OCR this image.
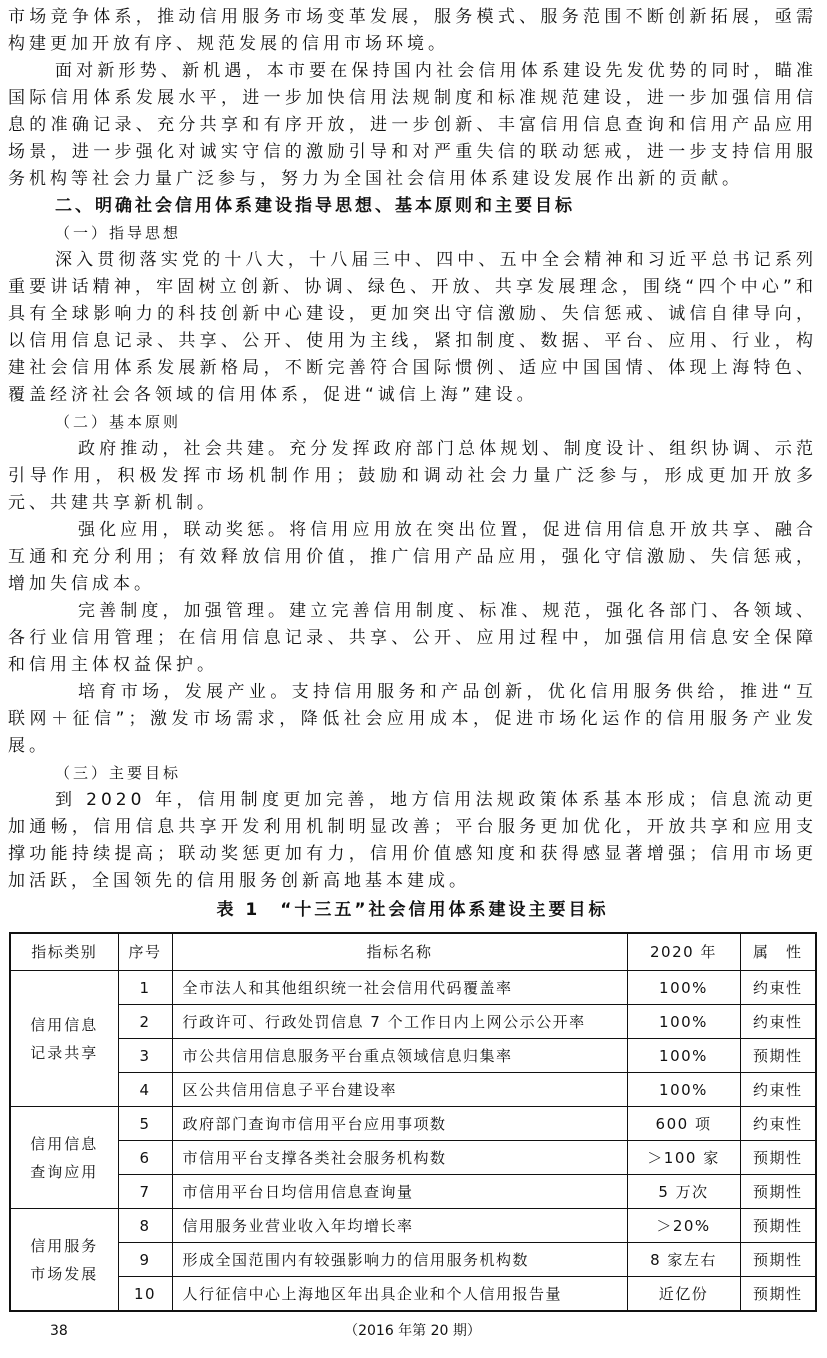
市场竞争体系，推动信用服务市场变革发展，服务模式、服务范围不断创新拓展，亟需构建更加开放有序、规范发展的信用市场环境。

面对新形势、新机遇，本市要在保持国内社会信用体系建设先发优势的同时，瞄准国际信用体系发展水平，进一步加快信用法规制度和标准规范建设，进一步加强信用信息的准确记录、充分共享和有序开放，进一步创新、丰富信用信息查询和信用产品应用场景，进一步强化对诚实守信的激励引导和对严重失信的联动惩戒，进一步支持信用服务机构等社会力量广泛参与，努力为全国社会信用体系建设发展作出新的贡献。

二、明确社会信用体系建设指导思想、基本原则和主要目标

（一）指导思想

深入贯彻落实党的十八大，十八届三中、四中、五中全会精神和习近平总书记系列重要讲话精神，牢固树立创新、协调、绿色、开放、共享发展理念，围绕“四个中心”和具有全球影响力的科技创新中心建设，更加突出守信激励、失信惩戒、诚信自律导向，以信用信息记录、共享、公开、使用为主线，紧扣制度、数据、平台、应用、行业，构建社会信用体系发展新格局，不断完善符合国际惯例、适应中国国情、体现上海特色、覆盖经济社会各领域的信用体系，促进“诚信上海”建设。

（二）基本原则

政府推动，社会共建。充分发挥政府部门总体规划、制度设计、组织协调、示范引导作用，积极发挥市场机制作用；鼓励和调动社会力量广泛参与，形成更加开放多元、共建共享新机制。

强化应用，联动奖惩。将信用应用放在突出位置，促进信用信息开放共享、融合互通和充分利用；有效释放信用价值，推广信用产品应用，强化守信激励、失信惩戒，增加失信成本。

完善制度，加强管理。建立完善信用制度、标准、规范，强化各部门、各领域、各行业信用管理；在信用信息记录、共享、公开、应用过程中，加强信用信息安全保障和信用主体权益保护。

培育市场，发展产业。支持信用服务和产品创新，优化信用服务供给，推进“互联网＋征信”；激发市场需求，降低社会应用成本，促进市场化运作的信用服务产业发展。

（三）主要目标

到 2020 年，信用制度更加完善，地方信用法规政策体系基本形成；信息流动更加通畅，信用信息共享开发利用机制明显改善；平台服务更加优化，开放共享和应用支撑功能持续提高；联动奖惩更加有力，信用价值感知度和获得感显著增强；信用市场更加活跃，全国领先的信用服务创新高地基本建成。

表 1　“十三五”社会信用体系建设主要目标

指标类别	序号	指标名称	2020 年	属　性

信用信息
记录共享	1	全市法人和其他组织统一社会信用代码覆盖率	100%	约束性
	2	行政许可、行政处罚信息 7 个工作日内上网公示公开率	100%	约束性
	3	市公共信用信息服务平台重点领域信息归集率	100%	预期性
	4	区公共信用信息子平台建设率	100%	约束性

信用信息
查询应用	5	政府部门查询市信用平台应用事项数	600 项	约束性
	6	市信用平台支撑各类社会服务机构数	＞100 家	预期性
	7	市信用平台日均信用信息查询量	5 万次	预期性

信用服务
市场发展	8	信用服务业营业收入年均增长率	＞20%	预期性
	9	形成全国范围内有较强影响力的信用服务机构数	8 家左右	预期性
	10	人行征信中心上海地区年出具企业和个人信用报告量	近亿份	预期性
38	（2016 年第 20 期）
